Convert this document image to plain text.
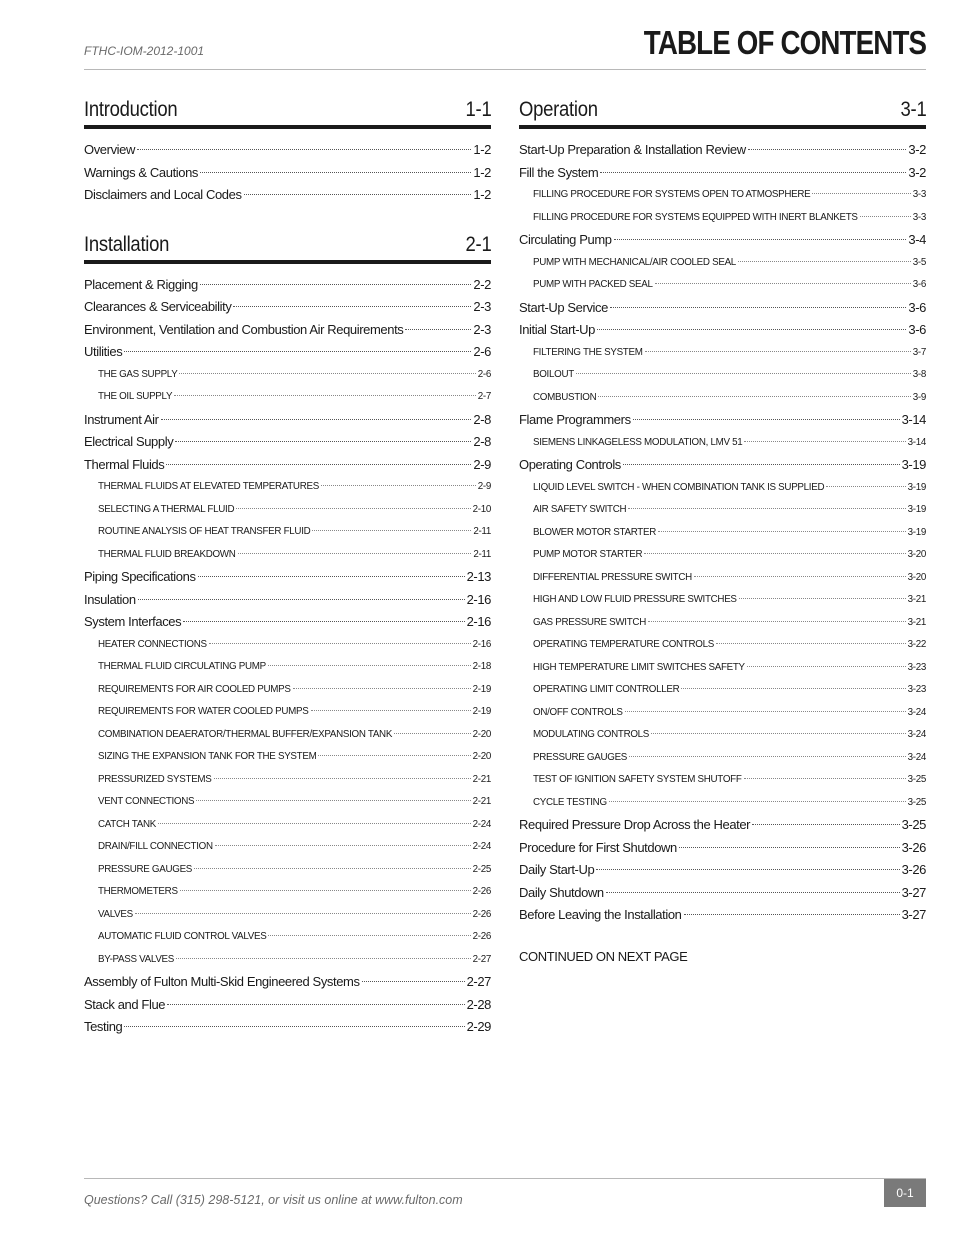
FTHC-IOM-2012-1001	TABLE OF CONTENTS
Introduction	1-1
Overview	1-2
Warnings & Cautions	1-2
Disclaimers and Local Codes	1-2
Installation	2-1
Placement & Rigging	2-2
Clearances & Serviceability	2-3
Environment, Ventilation and Combustion Air Requirements	2-3
Utilities	2-6
THE GAS SUPPLY	2-6
THE OIL SUPPLY	2-7
Instrument Air	2-8
Electrical Supply	2-8
Thermal Fluids	2-9
THERMAL FLUIDS AT ELEVATED TEMPERATURES	2-9
SELECTING A THERMAL FLUID	2-10
ROUTINE ANALYSIS OF HEAT TRANSFER FLUID	2-11
THERMAL FLUID BREAKDOWN	2-11
Piping Specifications	2-13
Insulation	2-16
System Interfaces	2-16
HEATER CONNECTIONS	2-16
THERMAL FLUID CIRCULATING PUMP	2-18
REQUIREMENTS FOR AIR COOLED PUMPS	2-19
REQUIREMENTS FOR WATER COOLED PUMPS	2-19
COMBINATION DEAERATOR/THERMAL BUFFER/EXPANSION TANK	2-20
SIZING THE EXPANSION TANK FOR THE SYSTEM	2-20
PRESSURIZED SYSTEMS	2-21
VENT CONNECTIONS	2-21
CATCH TANK	2-24
DRAIN/FILL CONNECTION	2-24
PRESSURE GAUGES	2-25
THERMOMETERS	2-26
VALVES	2-26
AUTOMATIC FLUID CONTROL VALVES	2-26
BY-PASS VALVES	2-27
Assembly of Fulton Multi-Skid Engineered Systems	2-27
Stack and Flue	2-28
Testing	2-29
Operation	3-1
Start-Up Preparation & Installation Review	3-2
Fill the System	3-2
FILLING PROCEDURE FOR SYSTEMS OPEN TO ATMOSPHERE	3-3
FILLING PROCEDURE FOR SYSTEMS EQUIPPED WITH INERT BLANKETS	3-3
Circulating Pump	3-4
PUMP WITH MECHANICAL/AIR COOLED SEAL	3-5
PUMP WITH PACKED SEAL	3-6
Start-Up Service	3-6
Initial Start-Up	3-6
FILTERING THE SYSTEM	3-7
BOILOUT	3-8
COMBUSTION	3-9
Flame Programmers	3-14
SIEMENS LINKAGELESS MODULATION, LMV 51	3-14
Operating Controls	3-19
LIQUID LEVEL SWITCH - WHEN COMBINATION TANK IS SUPPLIED	3-19
AIR SAFETY SWITCH	3-19
BLOWER MOTOR STARTER	3-19
PUMP MOTOR STARTER	3-20
DIFFERENTIAL PRESSURE SWITCH	3-20
HIGH AND LOW FLUID PRESSURE SWITCHES	3-21
GAS PRESSURE SWITCH	3-21
OPERATING TEMPERATURE CONTROLS	3-22
HIGH TEMPERATURE LIMIT SWITCHES SAFETY	3-23
OPERATING LIMIT CONTROLLER	3-23
ON/OFF CONTROLS	3-24
MODULATING CONTROLS	3-24
PRESSURE GAUGES	3-24
TEST OF IGNITION SAFETY SYSTEM SHUTOFF	3-25
CYCLE TESTING	3-25
Required Pressure Drop Across the Heater	3-25
Procedure for First Shutdown	3-26
Daily Start-Up	3-26
Daily Shutdown	3-27
Before Leaving the Installation	3-27
CONTINUED ON NEXT PAGE
Questions? Call (315) 298-5121, or visit us online at www.fulton.com	0-1
